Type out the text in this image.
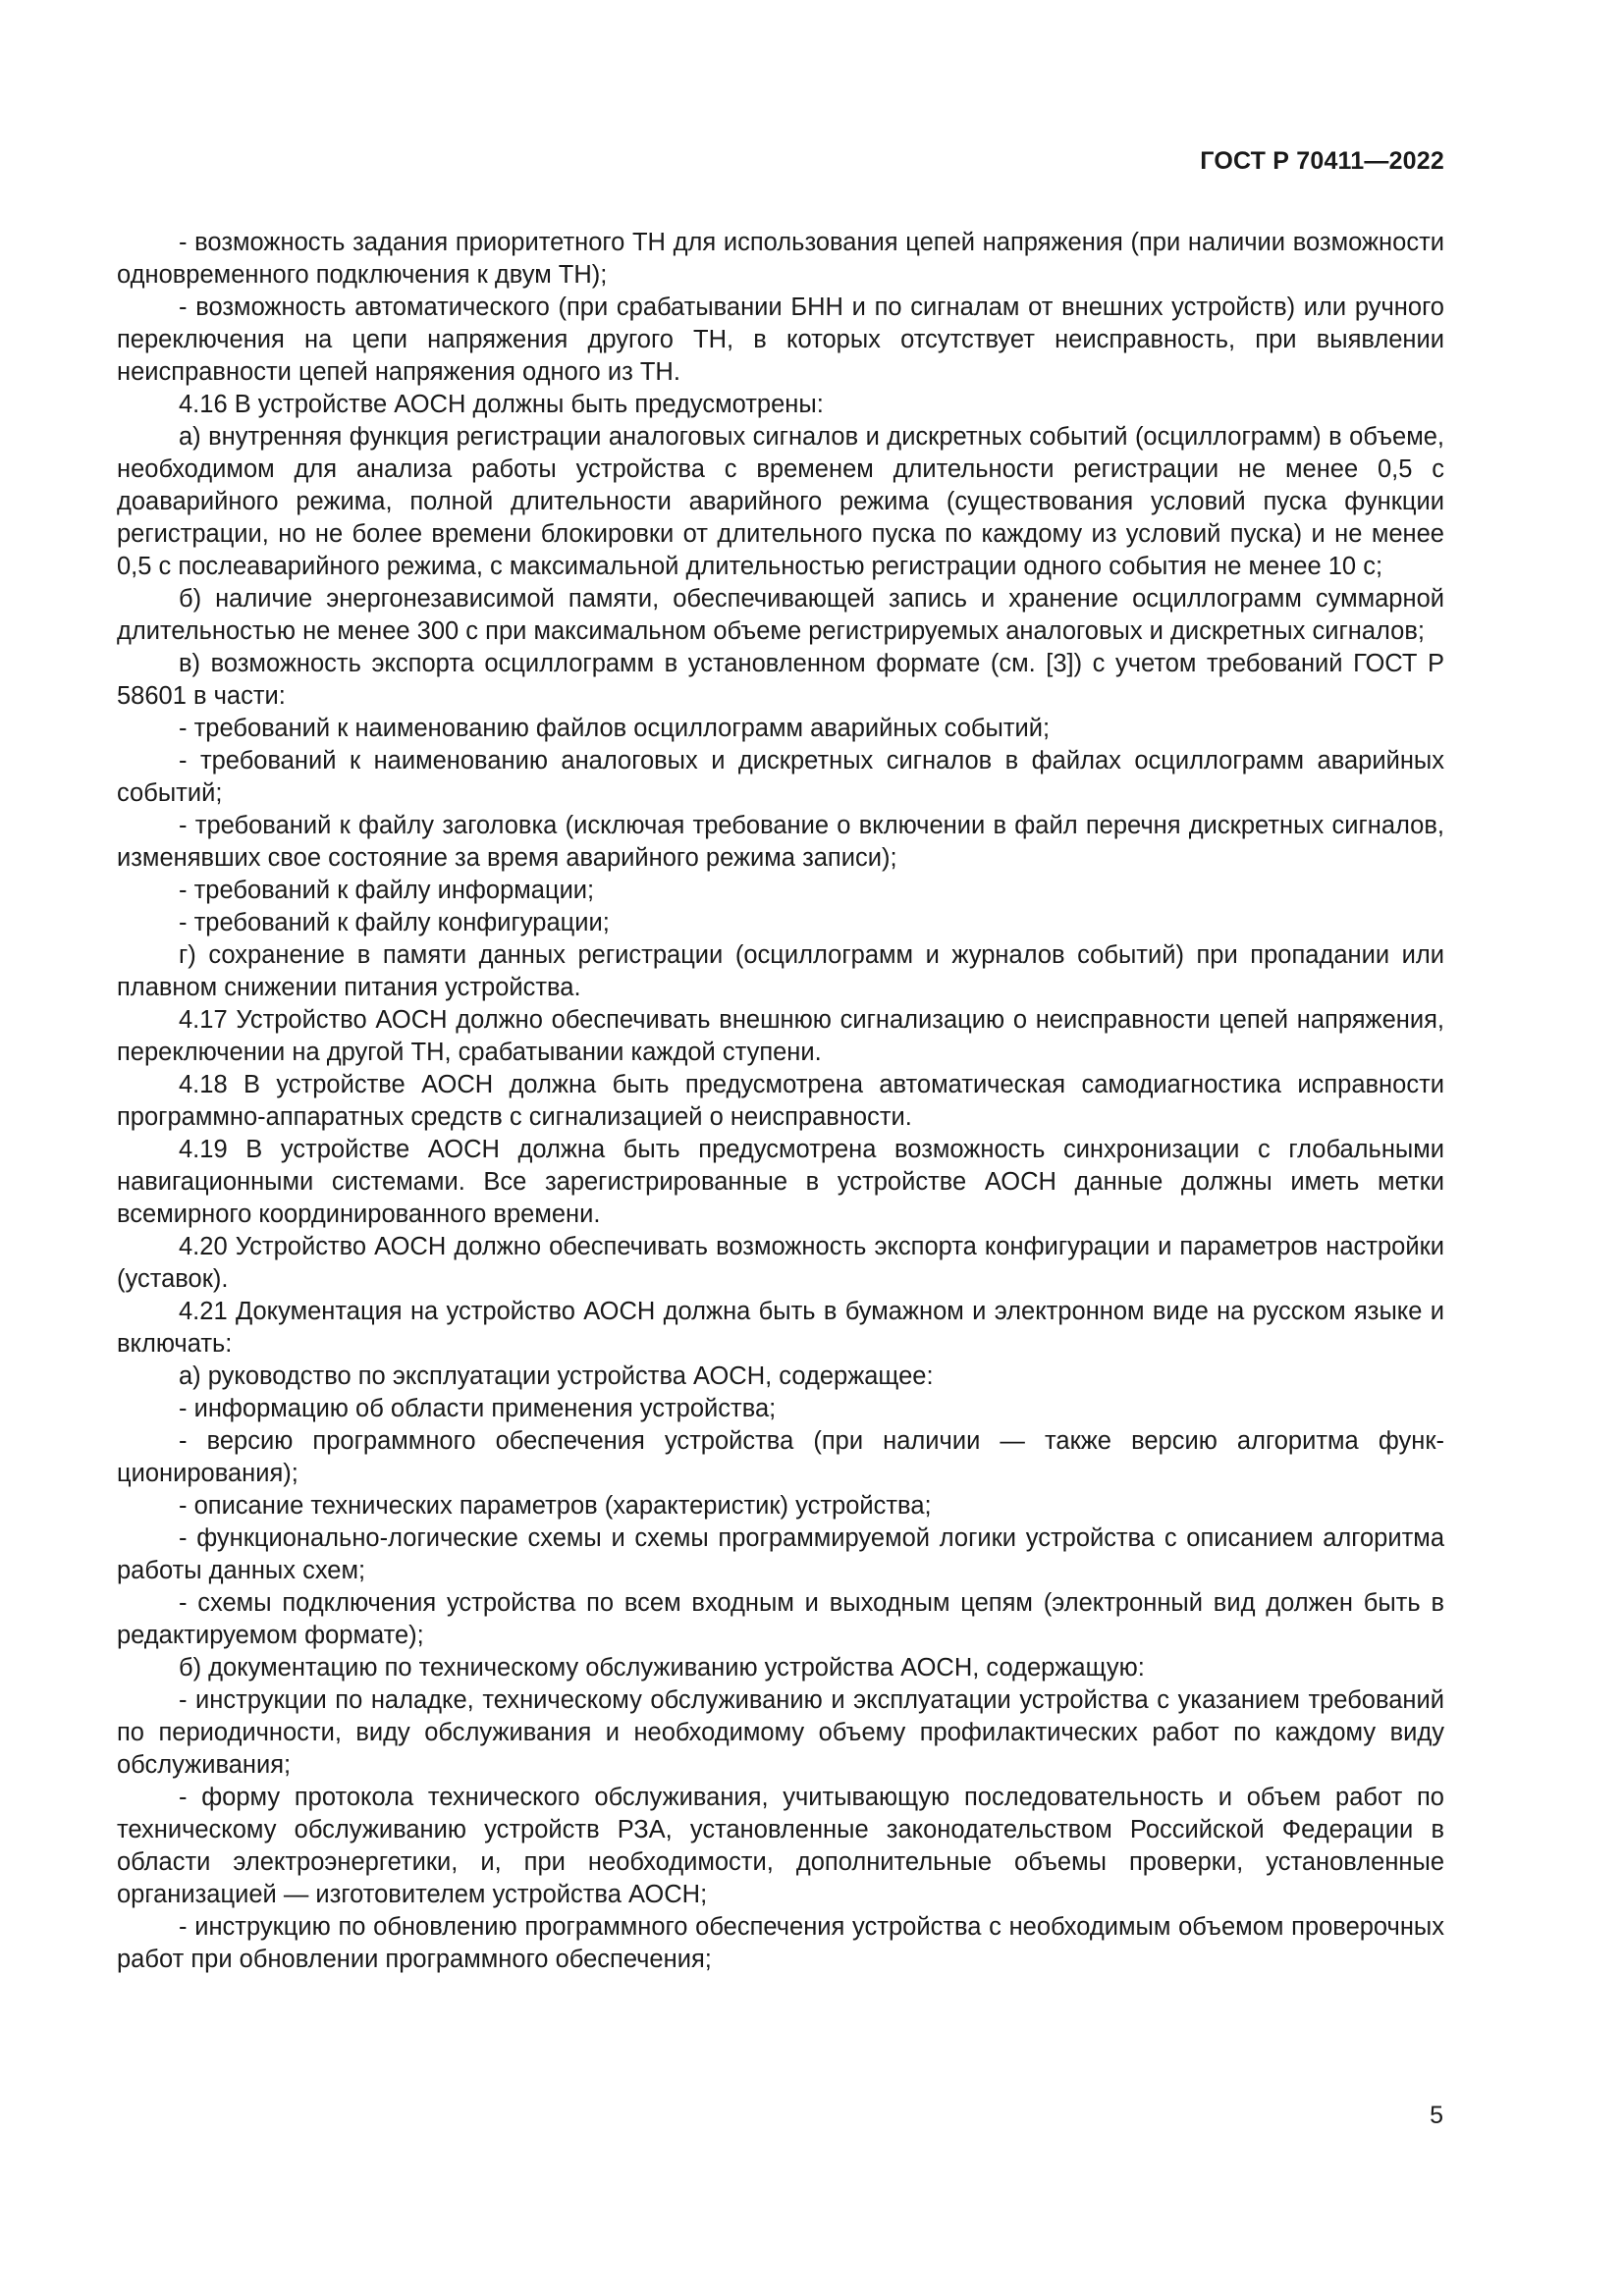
ГОСТ Р 70411—2022

- возможность задания приоритетного ТН для использования цепей напряжения (при наличии возможности одновременного подключения к двум ТН);

- возможность автоматического (при срабатывании БНН и по сигналам от внешних устройств) или ручного переключения на цепи напряжения другого ТН, в которых отсутствует неисправность, при выявлении неисправности цепей напряжения одного из ТН.

4.16 В устройстве АОСН должны быть предусмотрены:

а) внутренняя функция регистрации аналоговых сигналов и дискретных событий (осциллограмм) в объеме, необходимом для анализа работы устройства с временем длительности регистрации не менее 0,5 с доаварийного режима, полной длительности аварийного режима (существования условий пуска функции регистрации, но не более времени блокировки от длительного пуска по каждому из условий пуска) и не менее 0,5 с послеаварийного режима, с максимальной длительностью регистрации одного события не менее 10 с;

б) наличие энергонезависимой памяти, обеспечивающей запись и хранение осциллограмм суммарной длительностью не менее 300 с при максимальном объеме регистрируемых аналоговых и дискретных сигналов;

в) возможность экспорта осциллограмм в установленном формате (см. [3]) с учетом требований ГОСТ Р 58601 в части:

- требований к наименованию файлов осциллограмм аварийных событий;

- требований к наименованию аналоговых и дискретных сигналов в файлах осциллограмм аварийных событий;

- требований к файлу заголовка (исключая требование о включении в файл перечня дискретных сигналов, изменявших свое состояние за время аварийного режима записи);

- требований к файлу информации;

- требований к файлу конфигурации;

г) сохранение в памяти данных регистрации (осциллограмм и журналов событий) при пропадании или плавном снижении питания устройства.

4.17 Устройство АОСН должно обеспечивать внешнюю сигнализацию о неисправности цепей напряжения, переключении на другой ТН, срабатывании каждой ступени.

4.18 В устройстве АОСН должна быть предусмотрена автоматическая самодиагностика исправности программно-аппаратных средств с сигнализацией о неисправности.

4.19 В устройстве АОСН должна быть предусмотрена возможность синхронизации с глобальными навигационными системами. Все зарегистрированные в устройстве АОСН данные должны иметь метки всемирного координированного времени.

4.20 Устройство АОСН должно обеспечивать возможность экспорта конфигурации и параметров настройки (уставок).

4.21 Документация на устройство АОСН должна быть в бумажном и электронном виде на русском языке и включать:

а) руководство по эксплуатации устройства АОСН, содержащее:

- информацию об области применения устройства;

- версию программного обеспечения устройства (при наличии — также версию алгоритма функционирования);

- описание технических параметров (характеристик) устройства;

- функционально-логические схемы и схемы программируемой логики устройства с описанием алгоритма работы данных схем;

- схемы подключения устройства по всем входным и выходным цепям (электронный вид должен быть в редактируемом формате);

б) документацию по техническому обслуживанию устройства АОСН, содержащую:

- инструкции по наладке, техническому обслуживанию и эксплуатации устройства с указанием требований по периодичности, виду обслуживания и необходимому объему профилактических работ по каждому виду обслуживания;

- форму протокола технического обслуживания, учитывающую последовательность и объем работ по техническому обслуживанию устройств РЗА, установленные законодательством Российской Федерации в области электроэнергетики, и, при необходимости, дополнительные объемы проверки, установленные организацией — изготовителем устройства АОСН;

- инструкцию по обновлению программного обеспечения устройства с необходимым объемом проверочных работ при обновлении программного обеспечения;

5
